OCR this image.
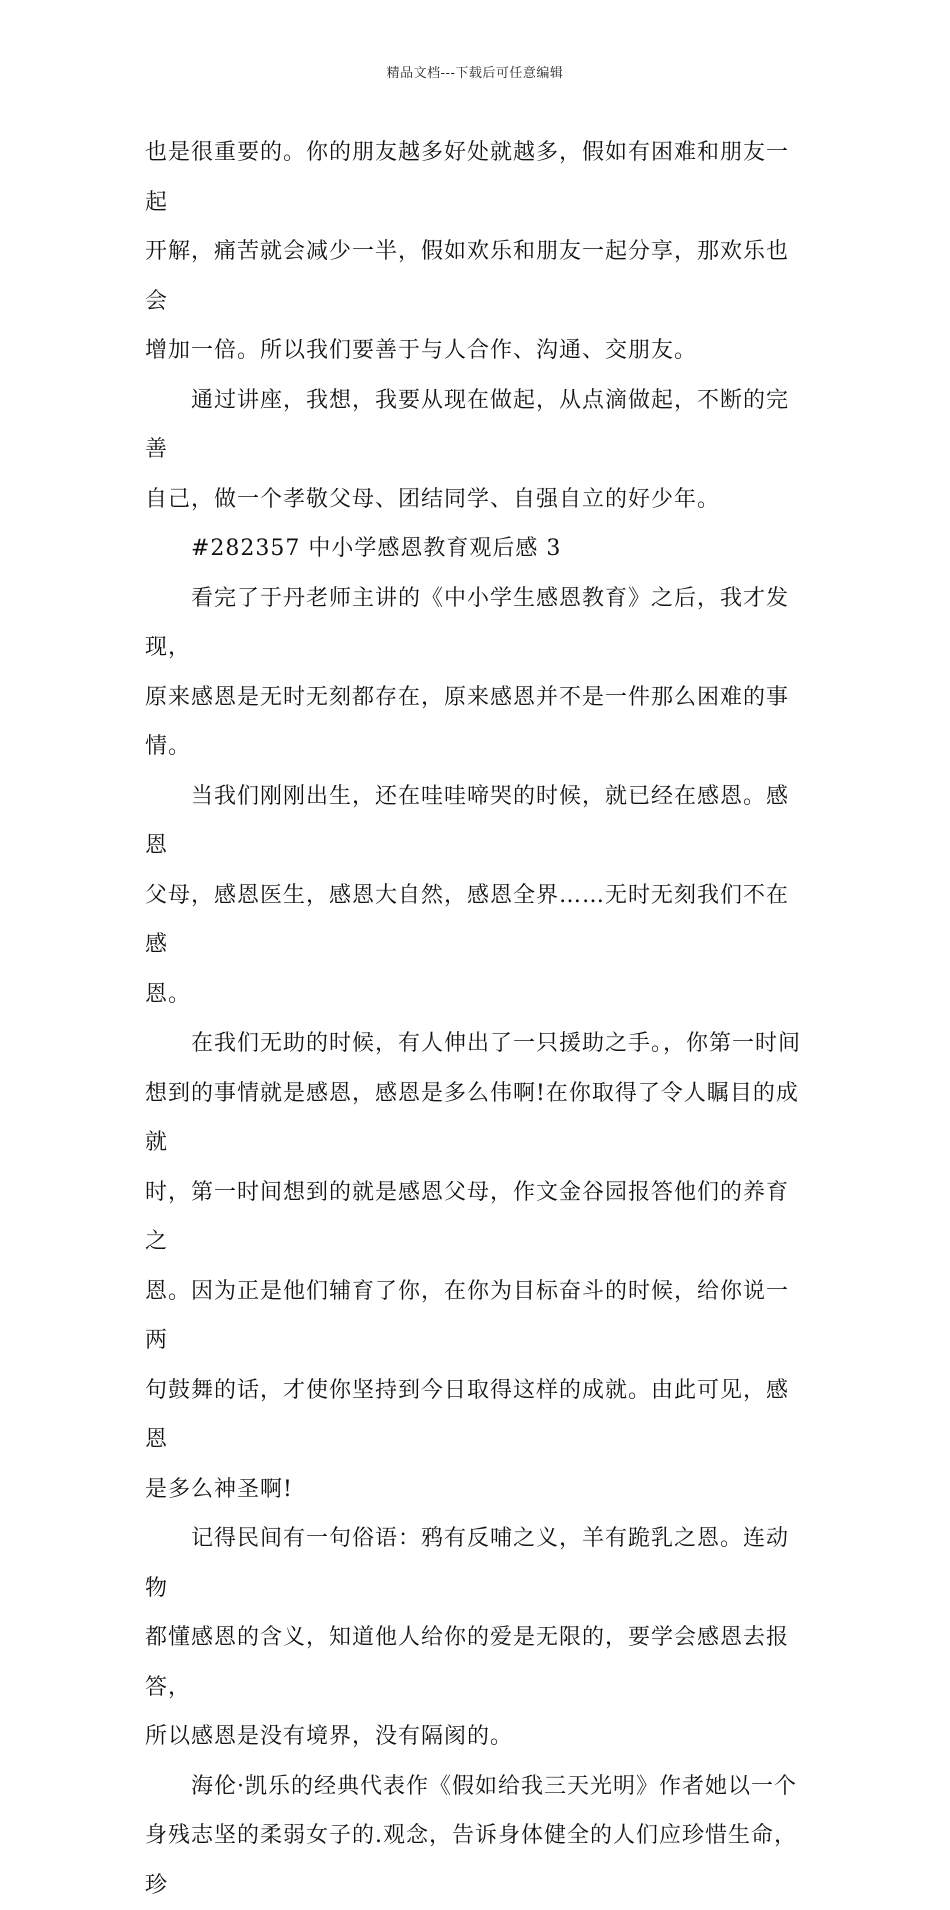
精品文档---下载后可任意编辑

也是很重要的。你的朋友越多好处就越多，假如有困难和朋友一起
开解，痛苦就会减少一半，假如欢乐和朋友一起分享，那欢乐也会
增加一倍。所以我们要善于与人合作、沟通、交朋友。

　　通过讲座，我想，我要从现在做起，从点滴做起，不断的完善
自己，做一个孝敬父母、团结同学、自强自立的好少年。

　　#282357 中小学感恩教育观后感 3

　　看完了于丹老师主讲的《中小学生感恩教育》之后，我才发现，
原来感恩是无时无刻都存在，原来感恩并不是一件那么困难的事情。

　　当我们刚刚出生，还在哇哇啼哭的时候，就已经在感恩。感恩
父母，感恩医生，感恩大自然，感恩全界……无时无刻我们不在感
恩。

　　在我们无助的时候，有人伸出了一只援助之手。，你第一时间
想到的事情就是感恩，感恩是多么伟啊!在你取得了令人瞩目的成就
时，第一时间想到的就是感恩父母，作文金谷园报答他们的养育之
恩。因为正是他们辅育了你，在你为目标奋斗的时候，给你说一两
句鼓舞的话，才使你坚持到今日取得这样的成就。由此可见，感恩
是多么神圣啊!

　　记得民间有一句俗语：鸦有反哺之义，羊有跪乳之恩。连动物
都懂感恩的含义，知道他人给你的爱是无限的，要学会感恩去报答，
所以感恩是没有境界，没有隔阂的。

　　海伦·凯乐的经典代表作《假如给我三天光明》作者她以一个
身残志坚的柔弱女子的.观念，告诉身体健全的人们应珍惜生命，珍
